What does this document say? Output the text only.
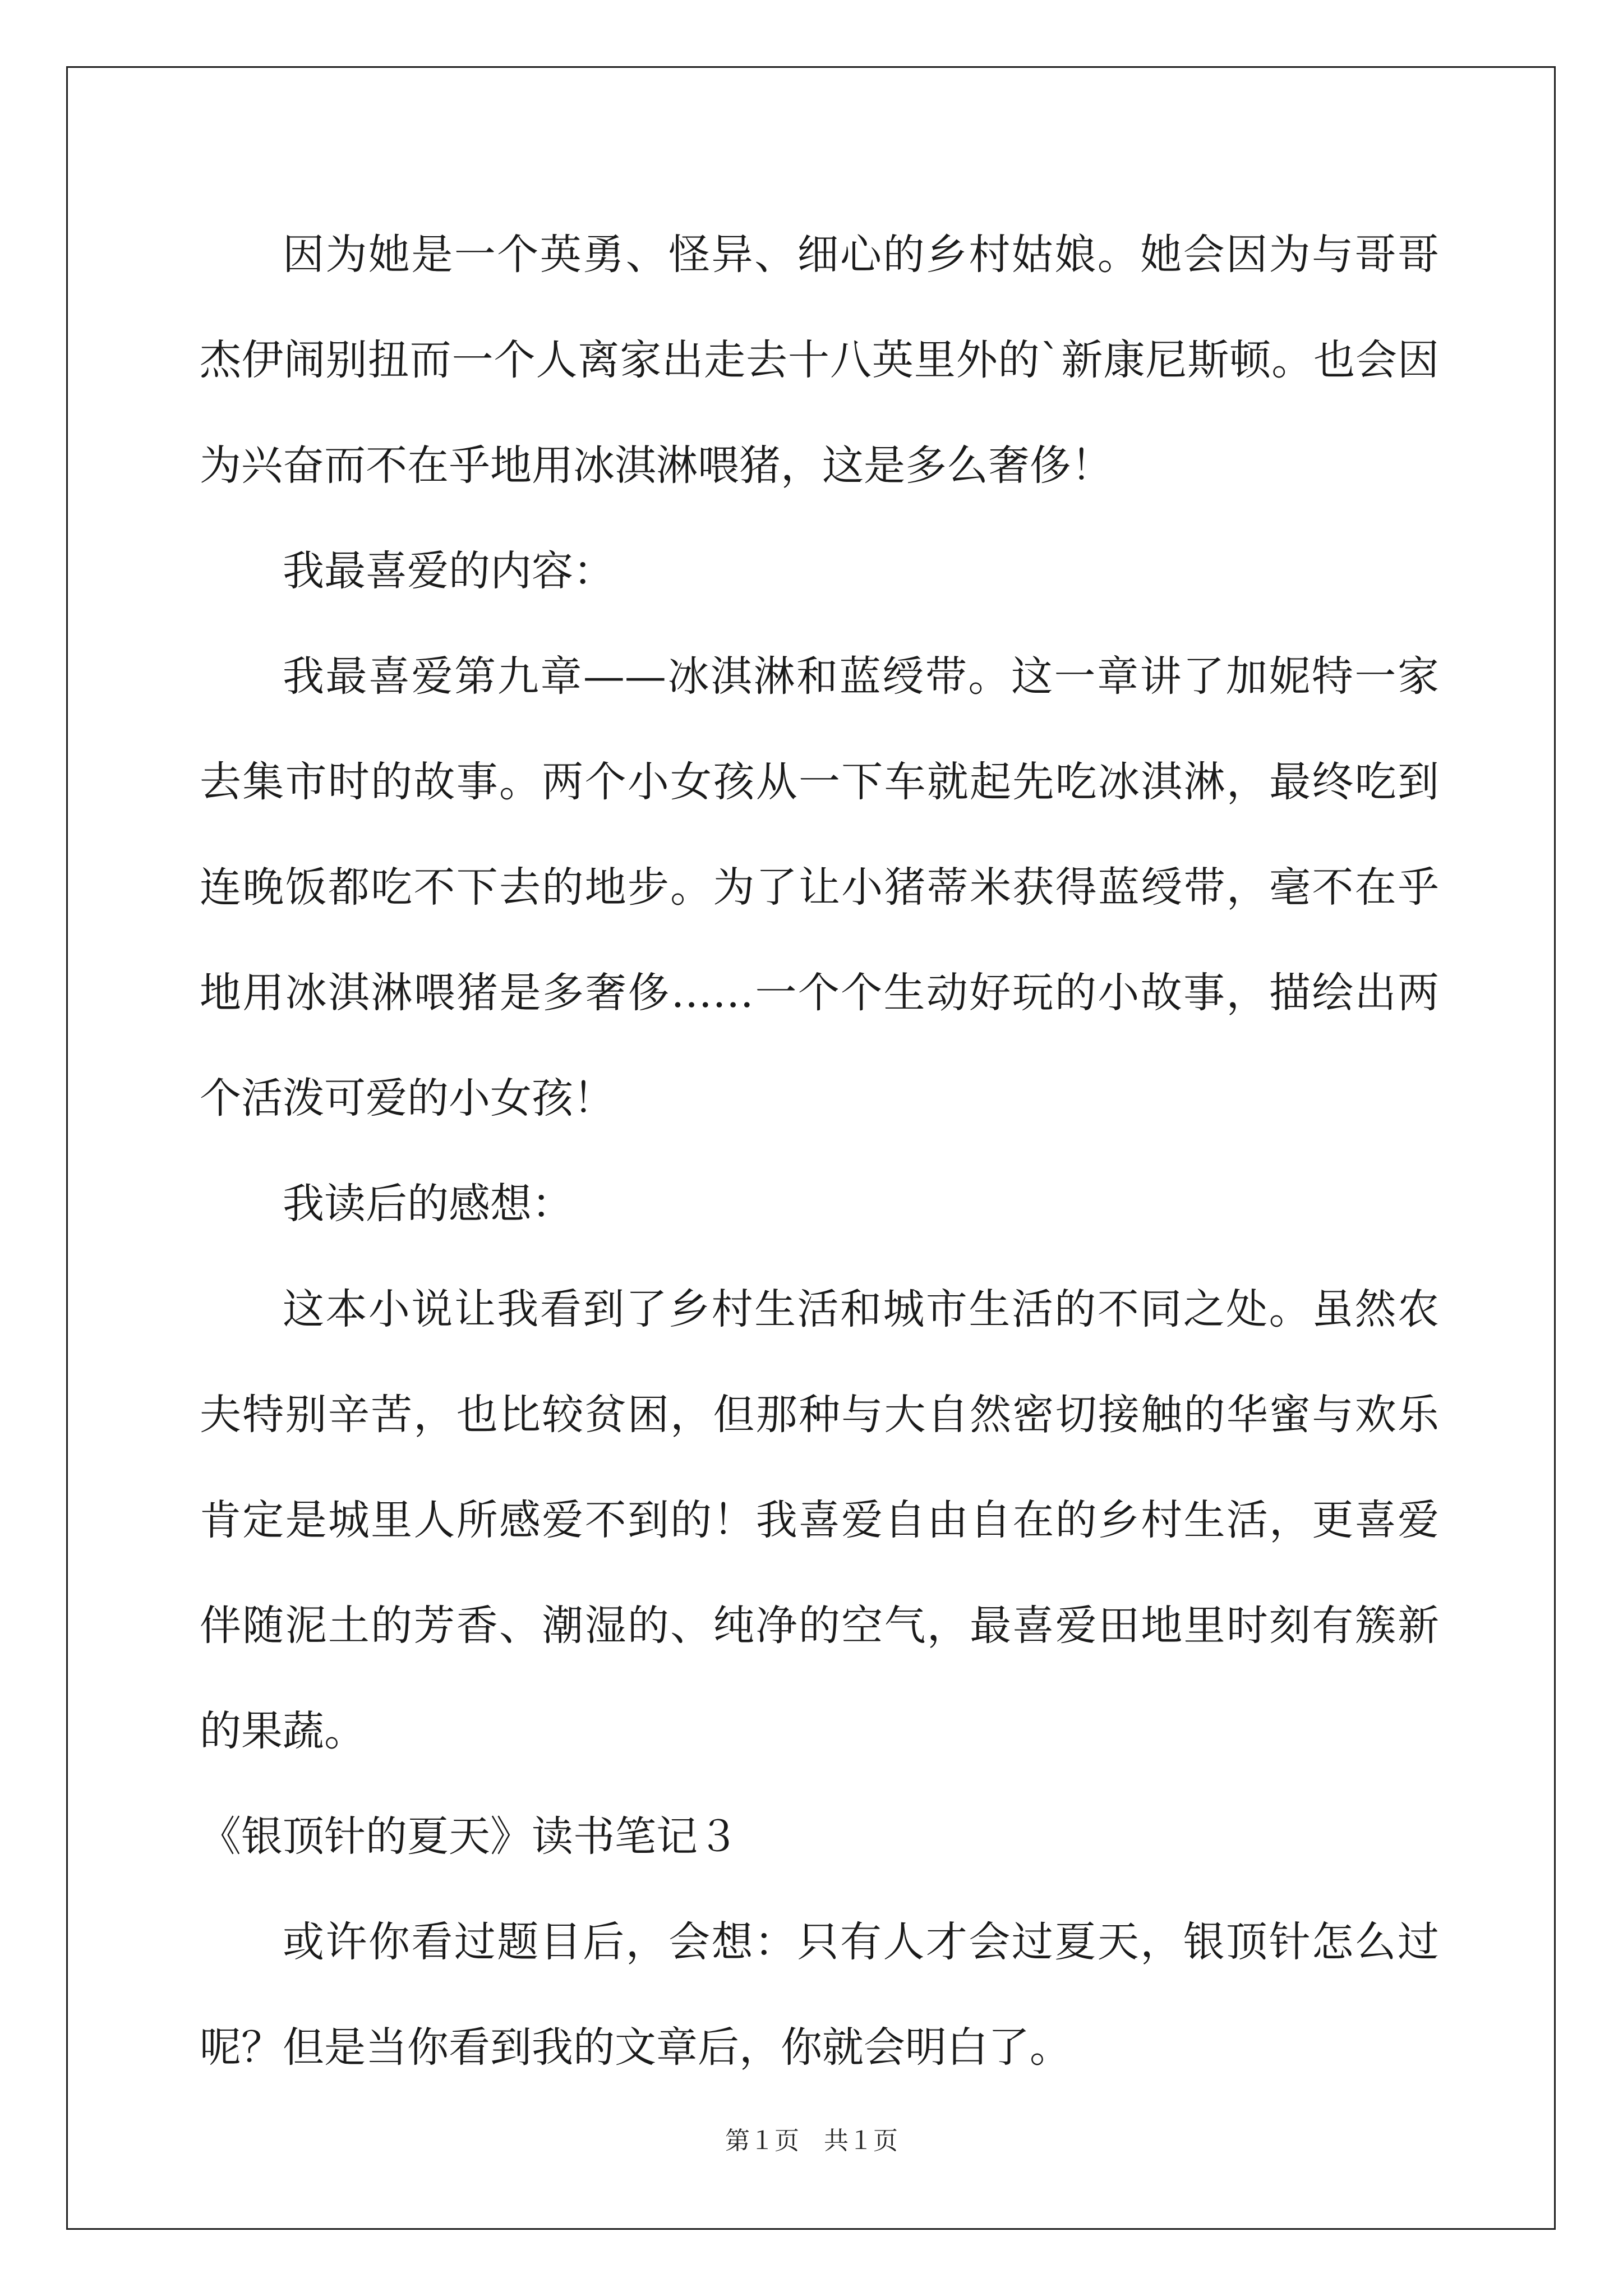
因为她是一个英勇、怪异、细心的乡村姑娘。她会因为与哥哥杰伊闹别扭而一个人离家出走去十八英里外的`新康尼斯顿。也会因为兴奋而不在乎地用冰淇淋喂猪，这是多么奢侈！

我最喜爱的内容：

我最喜爱第九章——冰淇淋和蓝绶带。这一章讲了加妮特一家去集市时的故事。两个小女孩从一下车就起先吃冰淇淋，最终吃到连晚饭都吃不下去的地步。为了让小猪蒂米获得蓝绶带，毫不在乎地用冰淇淋喂猪是多奢侈……一个个生动好玩的小故事，描绘出两个活泼可爱的小女孩！

我读后的感想：

这本小说让我看到了乡村生活和城市生活的不同之处。虽然农夫特别辛苦，也比较贫困，但那种与大自然密切接触的华蜜与欢乐肯定是城里人所感爱不到的！我喜爱自由自在的乡村生活，更喜爱伴随泥土的芳香、潮湿的、纯净的空气，最喜爱田地里时刻有簇新的果蔬。

《银顶针的夏天》读书笔记３

或许你看过题目后，会想：只有人才会过夏天，银顶针怎么过呢？但是当你看到我的文章后，你就会明白了。

第１页　共１页
